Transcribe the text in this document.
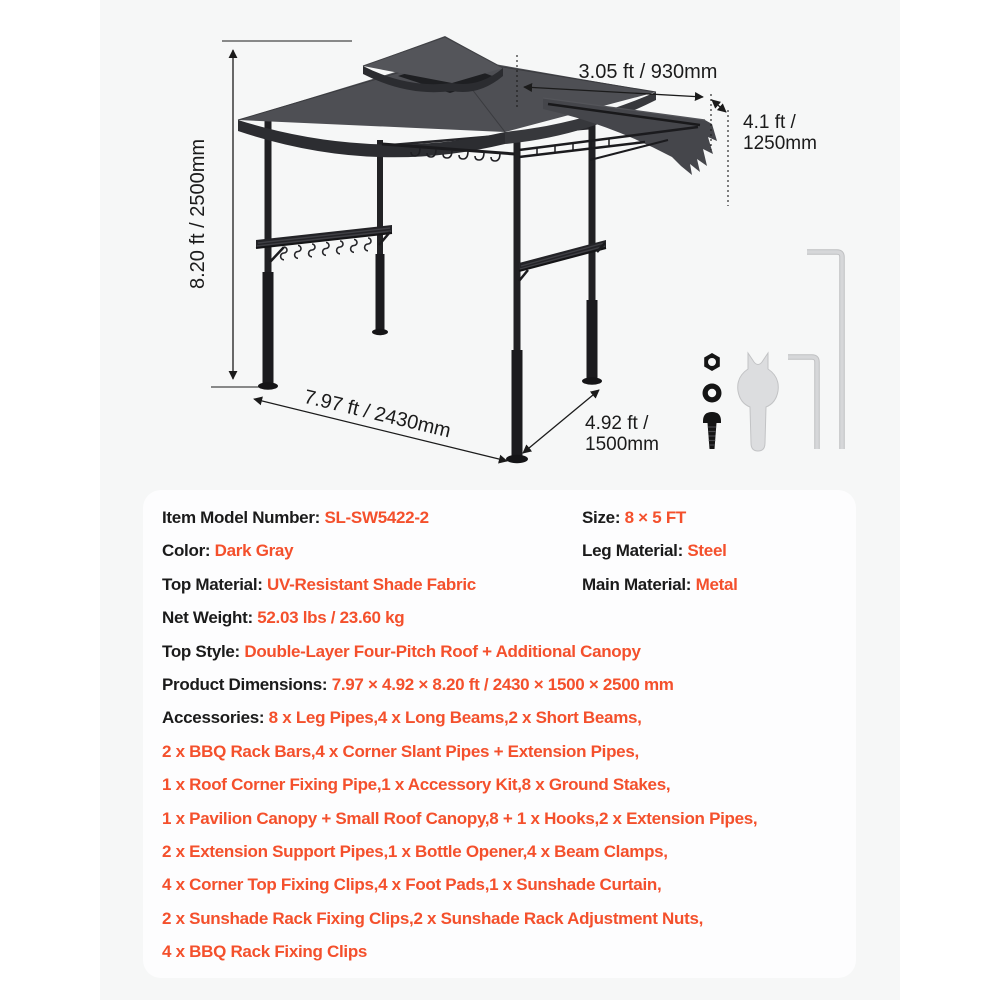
8.20 ft / 2500mm
3.05 ft / 930mm
4.1 ft /
1250mm
7.97 ft / 2430mm	4.92 ft /
1500mm
Item Model Number: SL-SW5422-2	Size: 8 × 5 FT
Color: Dark Gray	Leg Material: Steel
Top Material: UV-Resistant Shade Fabric	Main Material: Metal
Net Weight: 52.03 lbs / 23.60 kg
Top Style: Double-Layer Four-Pitch Roof + Additional Canopy
Product Dimensions: 7.97 × 4.92 × 8.20 ft / 2430 × 1500 × 2500 mm
Accessories: 8 x Leg Pipes,4 x Long Beams,2 x Short Beams,
2 x BBQ Rack Bars,4 x Corner Slant Pipes + Extension Pipes,
1 x Roof Corner Fixing Pipe,1 x Accessory Kit,8 x Ground Stakes,
1 x Pavilion Canopy + Small Roof Canopy,8 + 1 x Hooks,2 x Extension Pipes,
2 x Extension Support Pipes,1 x Bottle Opener,4 x Beam Clamps,
4 x Corner Top Fixing Clips,4 x Foot Pads,1 x Sunshade Curtain,
2 x Sunshade Rack Fixing Clips,2 x Sunshade Rack Adjustment Nuts,
4 x BBQ Rack Fixing Clips
